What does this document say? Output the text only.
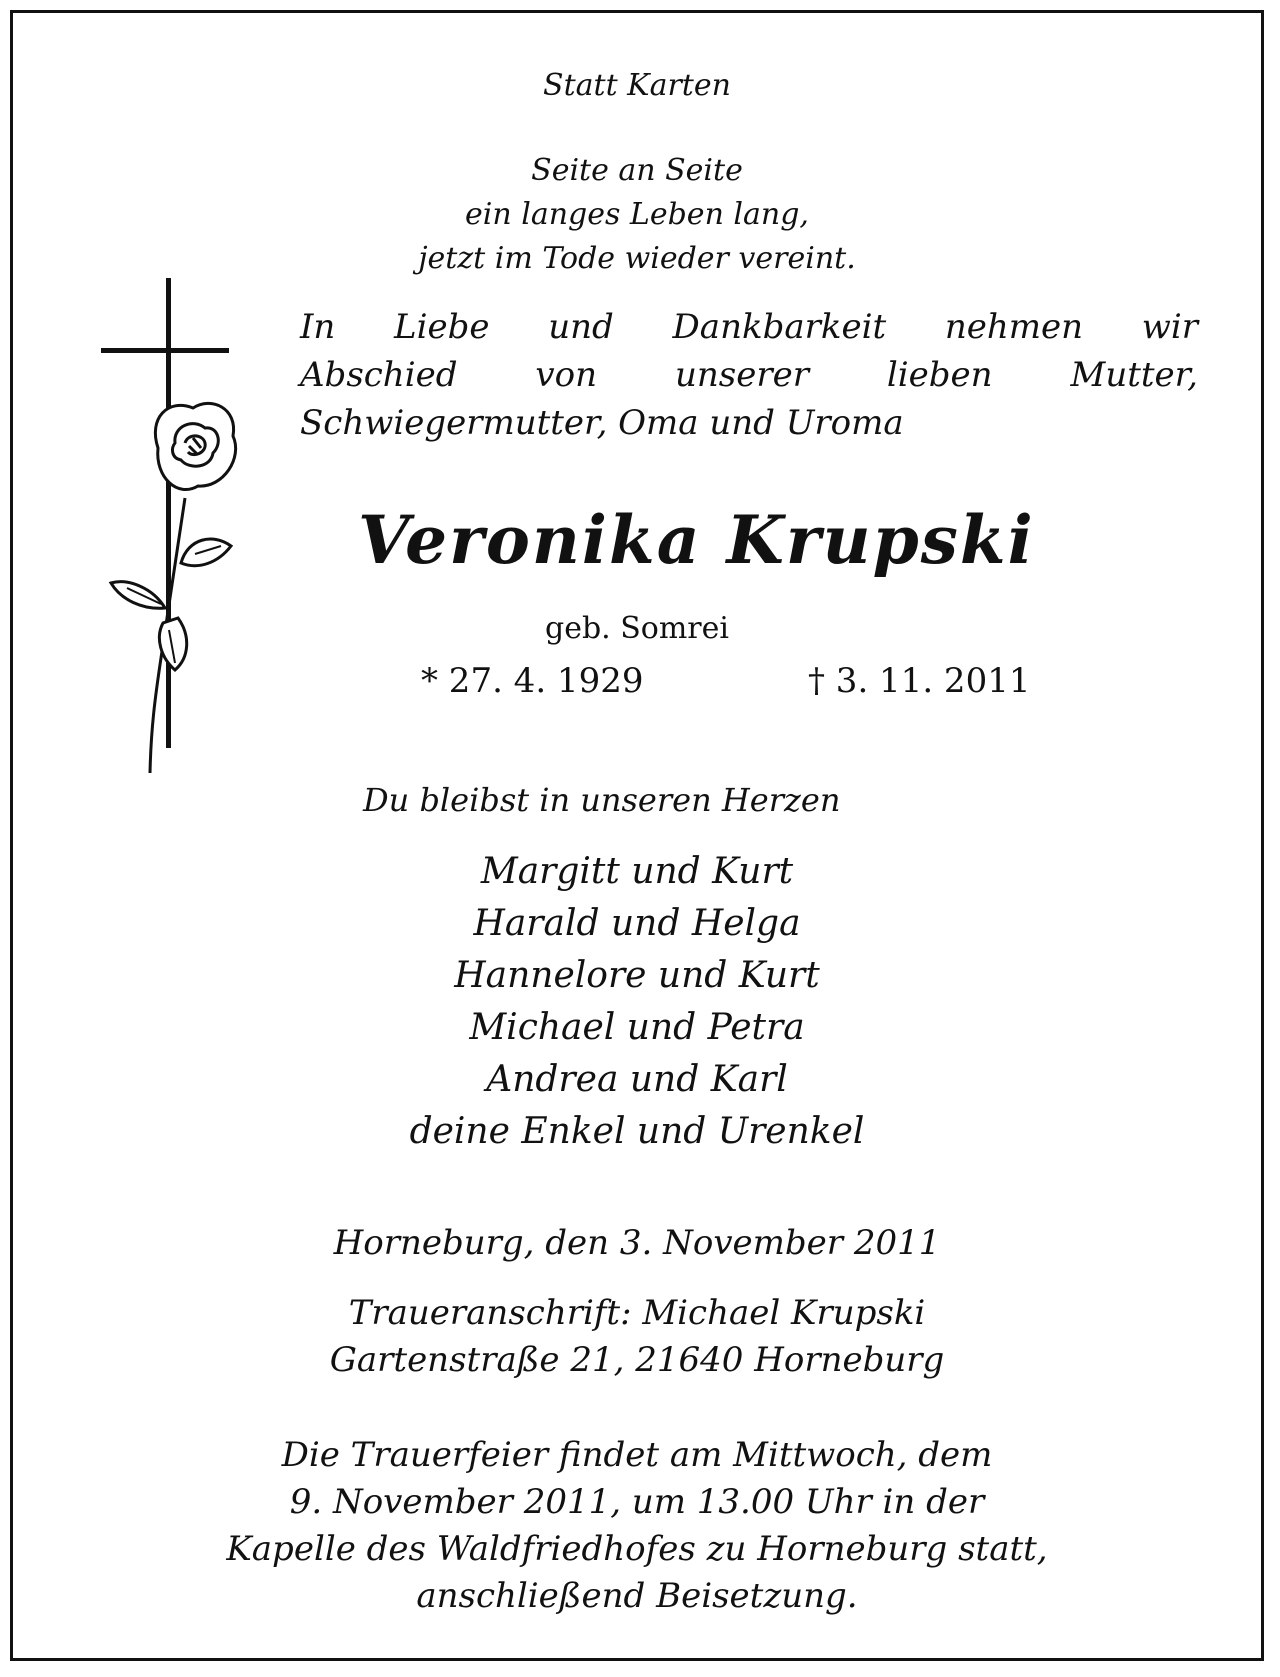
Statt Karten
Seite an Seite
ein langes Leben lang,
jetzt im Tode wieder vereint.
In Liebe und Dankbarkeit nehmen wir
Abschied von unserer lieben Mutter,
Schwiegermutter, Oma und Uroma
Veronika Krupski
geb. Somrei
* 27. 4. 1929	† 3. 11. 2011
Du bleibst in unseren Herzen
Margitt und Kurt
Harald und Helga
Hannelore und Kurt
Michael und Petra
Andrea und Karl
deine Enkel und Urenkel
Horneburg, den 3. November 2011
Traueranschrift: Michael Krupski
Gartenstraße 21, 21640 Horneburg
Die Trauerfeier findet am Mittwoch, dem
9. November 2011, um 13.00 Uhr in der
Kapelle des Waldfriedhofes zu Horneburg statt,
anschließend Beisetzung.
